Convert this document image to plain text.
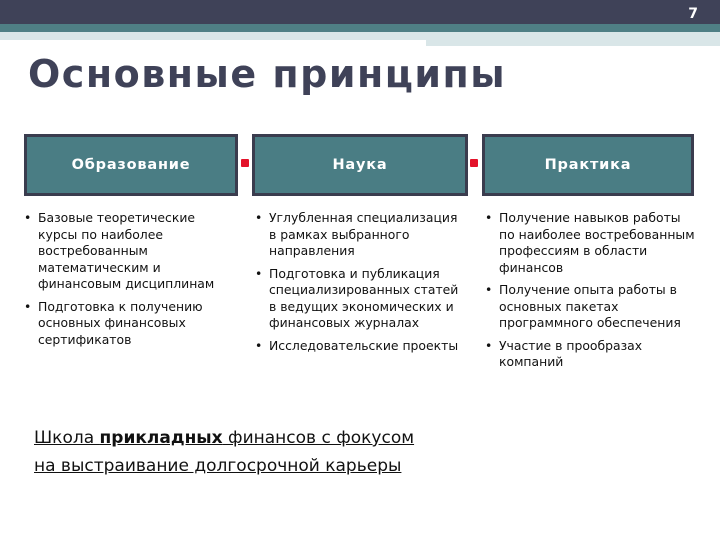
7
Основные принципы
Образование	Наука	Практика
• Базовые теоретические курсы по наиболее востребованным математическим и финансовым дисциплинам
• Подготовка к получению основных финансовых сертификатов
• Углубленная специализация в рамках выбранного направления
• Подготовка и публикация специализированных статей в ведущих экономических и финансовых журналах
• Исследовательские проекты
• Получение навыков работы по наиболее востребованным профессиям в области финансов
• Получение опыта работы в основных пакетах программного обеспечения
• Участие в прообразах компаний
Школа прикладных финансов с фокусом
на выстраивание долгосрочной карьеры
